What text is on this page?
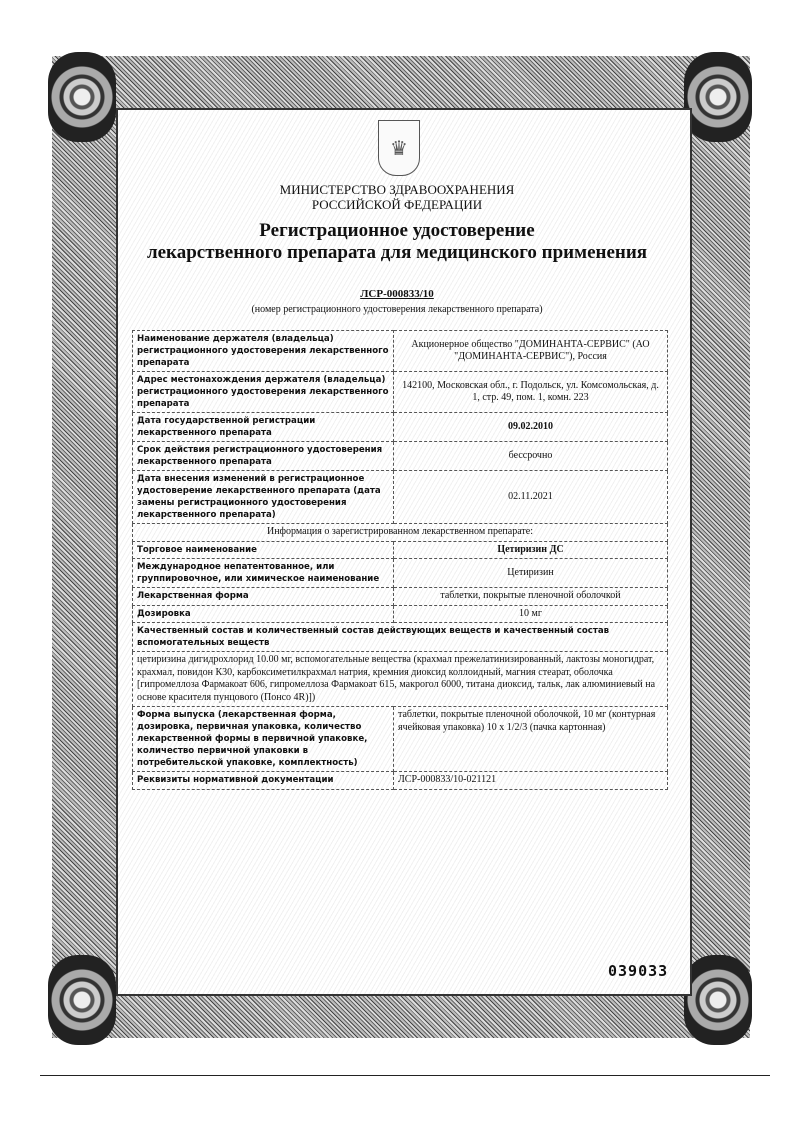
♛
МИНИСТЕРСТВО ЗДРАВООХРАНЕНИЯ
РОССИЙСКОЙ ФЕДЕРАЦИИ
Регистрационное удостоверение
лекарственного препарата для медицинского применения
ЛСР-000833/10
(номер регистрационного удостоверения лекарственного препарата)
Наименование держателя (владельца) регистрационного удостоверения лекарственного препарата	Акционерное общество "ДОМИНАНТА-СЕРВИС" (АО "ДОМИНАНТА-СЕРВИС"), Россия
Адрес местонахождения держателя (владельца) регистрационного удостоверения лекарственного препарата	142100, Московская обл., г. Подольск, ул. Комсомольская, д. 1, стр. 49, пом. 1, комн. 223
Дата государственной регистрации лекарственного препарата	09.02.2010
Срок действия регистрационного удостоверения лекарственного препарата	бессрочно
Дата внесения изменений в регистрационное удостоверение лекарственного препарата (дата замены регистрационного удостоверения лекарственного препарата)	02.11.2021
Информация о зарегистрированном лекарственном препарате:	
Торговое наименование	Цетиризин ДС
Международное непатентованное, или группировочное, или химическое наименование	Цетиризин
Лекарственная форма	таблетки, покрытые пленочной оболочкой
Дозировка	10 мг
Качественный состав и количественный состав действующих веществ и качественный состав вспомогательных веществ	
цетиризина дигидрохлорид 10.00 мг, вспомогательные вещества (крахмал прежелатинизированный, лактозы моногидрат, крахмал, повидон К30, карбоксиметилкрахмал натрия, кремния диоксид коллоидный, магния стеарат, оболочка [гипромеллоза Фармакоат 606, гипромеллоза Фармакоат 615, макрогол 6000, титана диоксид, тальк, лак алюминиевый на основе красителя пунцового (Понсо 4R)])	
Форма выпуска (лекарственная форма, дозировка, первичная упаковка, количество лекарственной формы в первичной упаковке, количество первичной упаковки в потребительской упаковке, комплектность)	таблетки, покрытые пленочной оболочкой, 10 мг (контурная ячейковая упаковка) 10 x 1/2/3 (пачка картонная)
Реквизиты нормативной документации	ЛСР-000833/10-021121
039033
